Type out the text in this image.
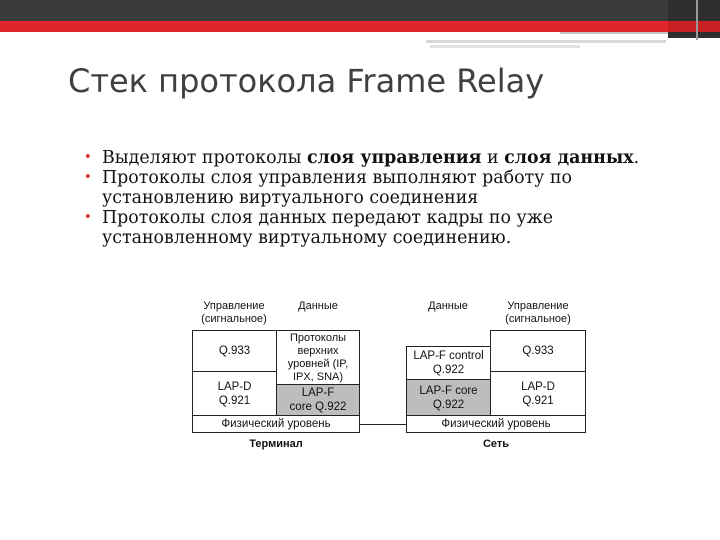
Стек протокола Frame Relay
• Выделяют протоколы слоя управления и слоя данных.
• Протоколы слоя управления выполняют работу по установлению виртуального соединения
• Протоколы слоя данных передают кадры по уже установленному виртуальному соединению.
Управление (сигнальное)
Данные
Q.933
Протоколы верхних уровней (IP, IPX, SNA)
LAP-D Q.921
LAP-F core Q.922
Физический уровень
Терминал
Данные	Управление (сигнальное)
LAP-F control Q.922
Q.933
LAP-F core Q.922
LAP-D Q.921
Физический уровень
Сеть
